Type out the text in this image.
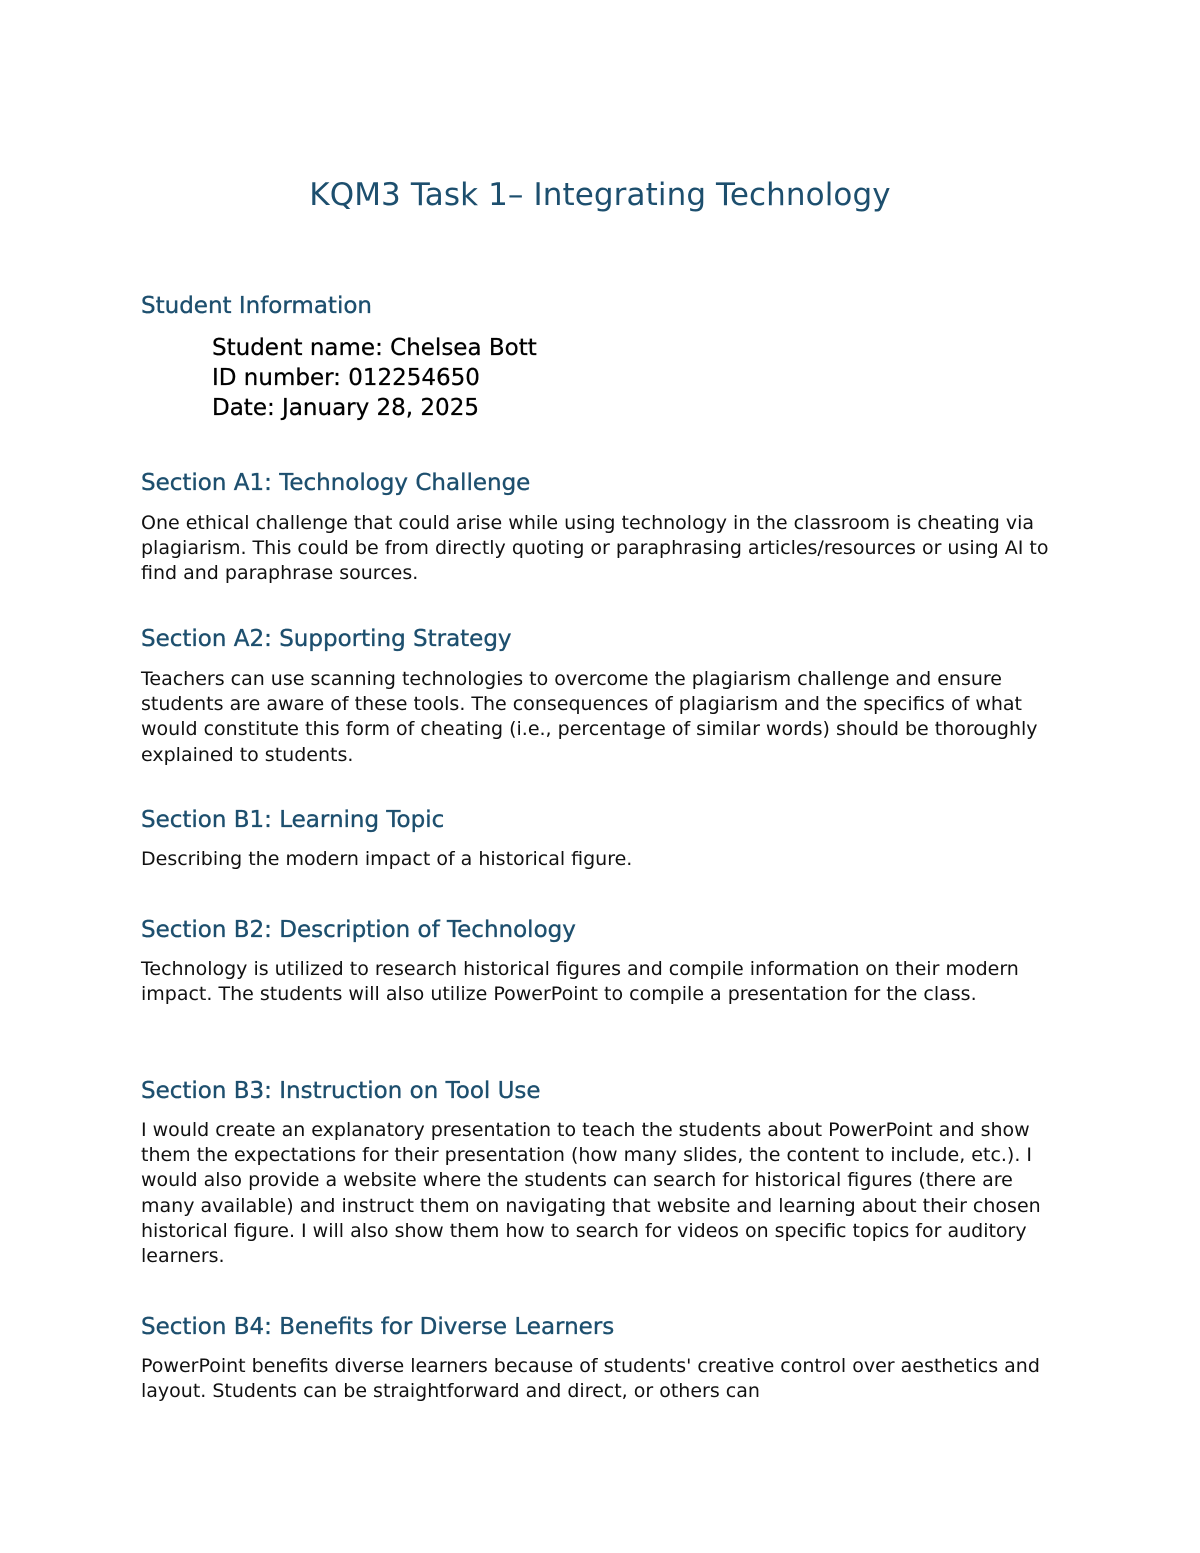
KQM3 Task 1– Integrating Technology
Student Information
Student name: Chelsea Bott
ID number: 012254650
Date: January 28, 2025
Section A1: Technology Challenge

One ethical challenge that could arise while using technology in the classroom is cheating via plagiarism. This could be from directly quoting or paraphrasing articles/resources or using AI to find and paraphrase sources.

Section A2: Supporting Strategy

Teachers can use scanning technologies to overcome the plagiarism challenge and ensure students are aware of these tools. The consequences of plagiarism and the specifics of what would constitute this form of cheating (i.e., percentage of similar words) should be thoroughly explained to students.

Section B1: Learning Topic

Describing the modern impact of a historical figure.

Section B2: Description of Technology

Technology is utilized to research historical figures and compile information on their modern impact. The students will also utilize PowerPoint to compile a presentation for the class.

Section B3: Instruction on Tool Use

I would create an explanatory presentation to teach the students about PowerPoint and show them the expectations for their presentation (how many slides, the content to include, etc.). I would also provide a website where the students can search for historical figures (there are many available) and instruct them on navigating that website and learning about their chosen historical figure. I will also show them how to search for videos on specific topics for auditory learners.

Section B4: Benefits for Diverse Learners

PowerPoint benefits diverse learners because of students' creative control over aesthetics and layout. Students can be straightforward and direct, or others can
